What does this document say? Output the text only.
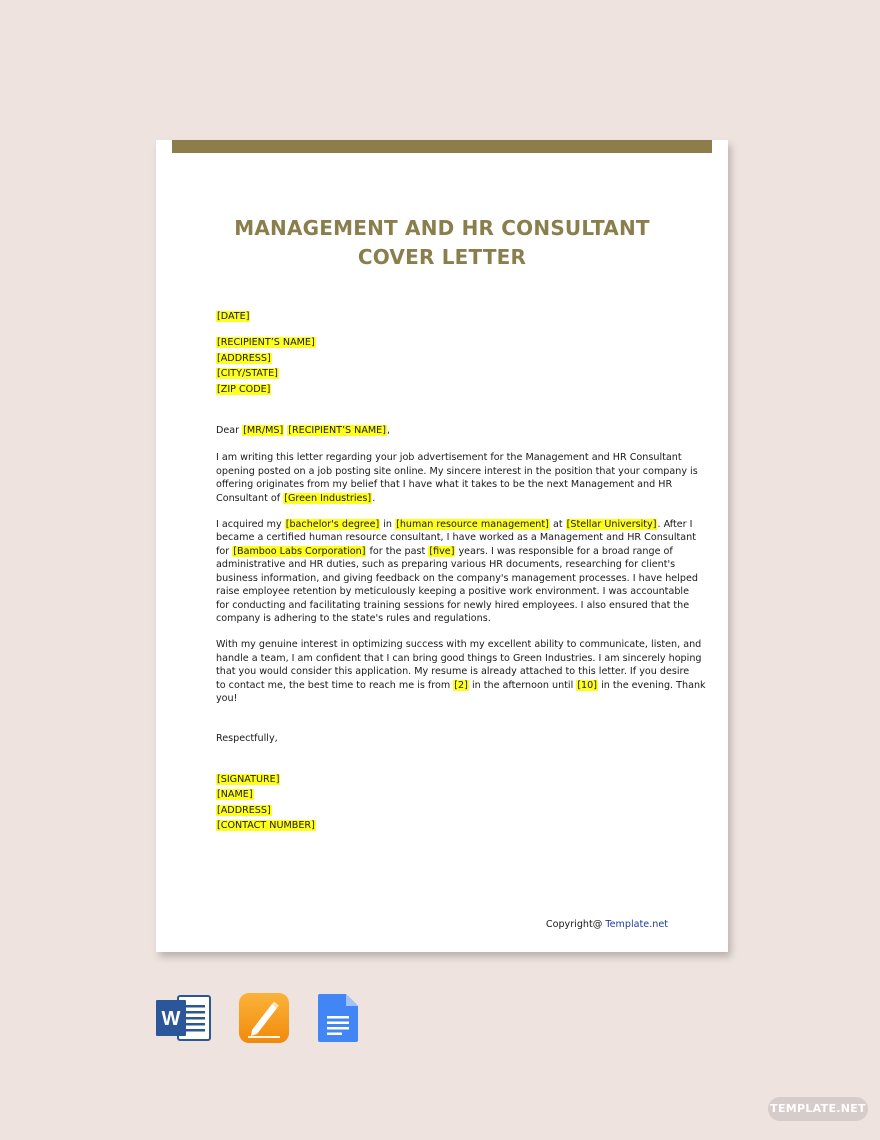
MANAGEMENT AND HR CONSULTANT
COVER LETTER
[DATE]
[RECIPIENT’S NAME]
[ADDRESS]
[CITY/STATE]
[ZIP CODE]
Dear [MR/MS] [RECIPIENT’S NAME],
I am writing this letter regarding your job advertisement for the Management and HR Consultant
opening posted on a job posting site online. My sincere interest in the position that your company is
offering originates from my belief that I have what it takes to be the next Management and HR
Consultant of [Green Industries].
I acquired my [bachelor's degree] in [human resource management] at [Stellar University]. After I
became a certified human resource consultant, I have worked as a Management and HR Consultant
for [Bamboo Labs Corporation] for the past [five] years. I was responsible for a broad range of
administrative and HR duties, such as preparing various HR documents, researching for client's
business information, and giving feedback on the company's management processes. I have helped
raise employee retention by meticulously keeping a positive work environment. I was accountable
for conducting and facilitating training sessions for newly hired employees. I also ensured that the
company is adhering to the state's rules and regulations.
With my genuine interest in optimizing success with my excellent ability to communicate, listen, and
handle a team, I am confident that I can bring good things to Green Industries. I am sincerely hoping
that you would consider this application. My resume is already attached to this letter. If you desire
to contact me, the best time to reach me is from [2] in the afternoon until [10] in the evening. Thank
you!
Respectfully,
[SIGNATURE]
[NAME]
[ADDRESS]
[CONTACT NUMBER]
Copyright@ Template.net
W
TEMPLATE.NET
